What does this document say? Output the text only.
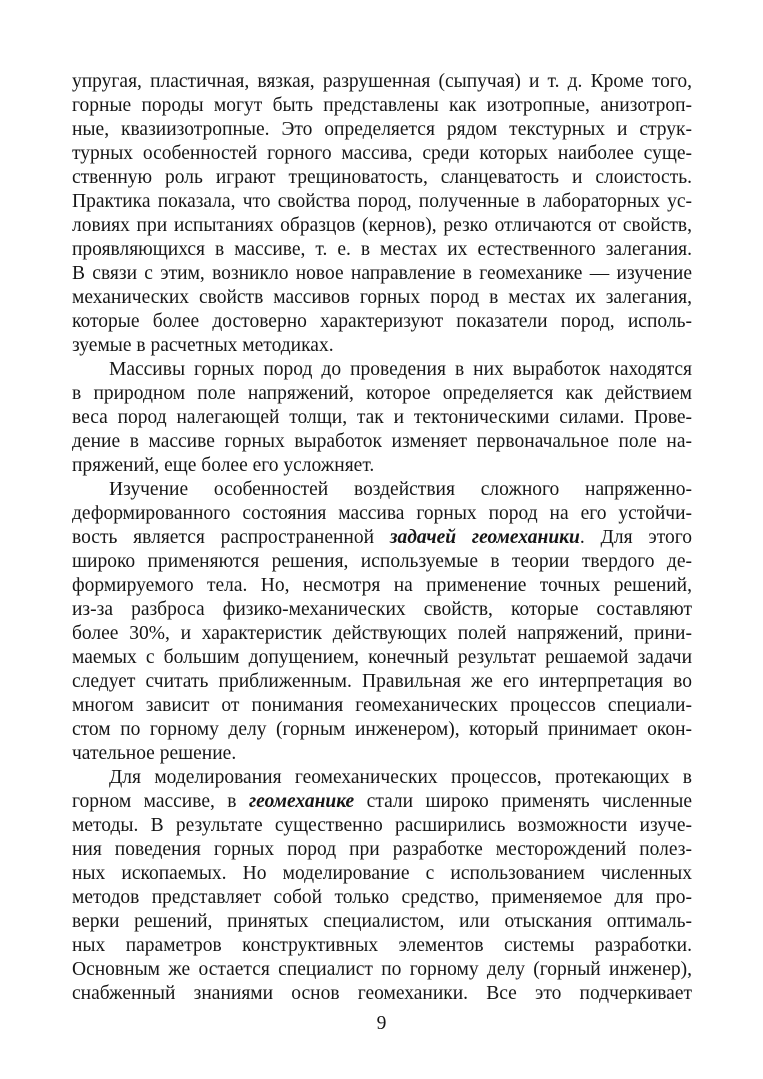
упругая, пластичная, вязкая, разрушенная (сыпучая) и т. д. Кроме того,
горные породы могут быть представлены как изотропные, анизотроп-
ные, квазиизотропные. Это определяется рядом текстурных и струк-
турных особенностей горного массива, среди которых наиболее суще-
ственную роль играют трещиноватость, сланцеватость и слоистость.
Практика показала, что свойства пород, полученные в лабораторных ус-
ловиях при испытаниях образцов (кернов), резко отличаются от свойств,
проявляющихся в массиве, т. е. в местах их естественного залегания.
В связи с этим, возникло новое направление в геомеханике — изучение
механических свойств массивов горных пород в местах их залегания,
которые более достоверно характеризуют показатели пород, исполь-
зуемые в расчетных методиках.
Массивы горных пород до проведения в них выработок находятся
в природном поле напряжений, которое определяется как действием
веса пород налегающей толщи, так и тектоническими силами. Прове-
дение в массиве горных выработок изменяет первоначальное поле на-
пряжений, еще более его усложняет.
Изучение особенностей воздействия сложного напряженно-
деформированного состояния массива горных пород на его устойчи-
вость является распространенной задачей геомеханики. Для этого
широко применяются решения, используемые в теории твердого де-
формируемого тела. Но, несмотря на применение точных решений,
из-за разброса физико-механических свойств, которые составляют
более 30%, и характеристик действующих полей напряжений, прини-
маемых с большим допущением, конечный результат решаемой задачи
следует считать приближенным. Правильная же его интерпретация во
многом зависит от понимания геомеханических процессов специали-
стом по горному делу (горным инженером), который принимает окон-
чательное решение.
Для моделирования геомеханических процессов, протекающих в
горном массиве, в геомеханике стали широко применять численные
методы. В результате существенно расширились возможности изуче-
ния поведения горных пород при разработке месторождений полез-
ных ископаемых. Но моделирование с использованием численных
методов представляет собой только средство, применяемое для про-
верки решений, принятых специалистом, или отыскания оптималь-
ных параметров конструктивных элементов системы разработки.
Основным же остается специалист по горному делу (горный инженер),
снабженный знаниями основ геомеханики. Все это подчеркивает
9
